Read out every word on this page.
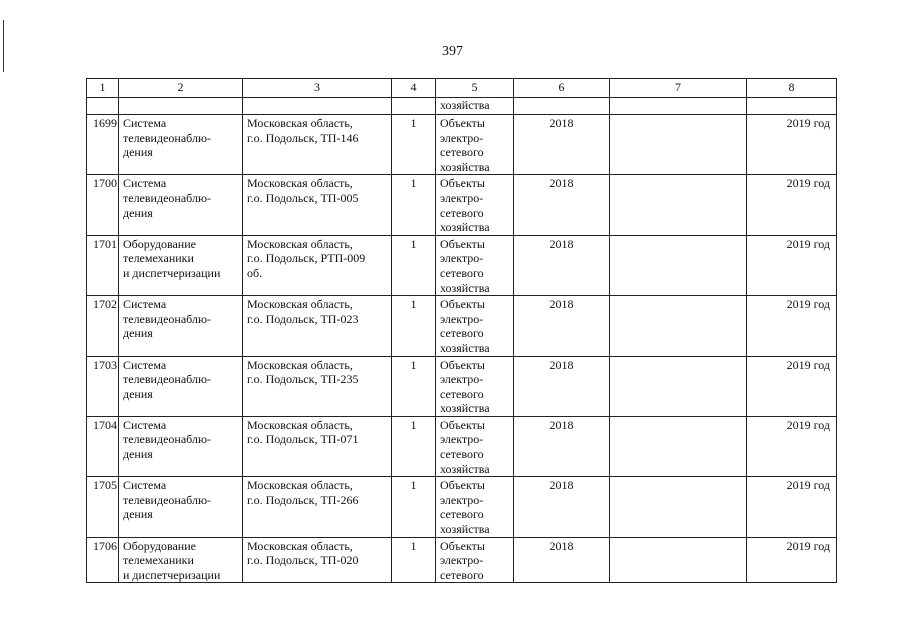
397
1	2	3	4	5	6	7	8
				хозяйства			
1699	Система
телевидеонаблю-
дения	Московская область,
г.о. Подольск, ТП-146	1	Объекты
электро-
сетевого
хозяйства	2018		2019 год
1700	Система
телевидеонаблю-
дения	Московская область,
г.о. Подольск, ТП-005	1	Объекты
электро-
сетевого
хозяйства	2018		2019 год
1701	Оборудование
телемеханики
и диспетчеризации	Московская область,
г.о. Подольск, РТП-009
об.	1	Объекты
электро-
сетевого
хозяйства	2018		2019 год
1702	Система
телевидеонаблю-
дения	Московская область,
г.о. Подольск, ТП-023	1	Объекты
электро-
сетевого
хозяйства	2018		2019 год
1703	Система
телевидеонаблю-
дения	Московская область,
г.о. Подольск, ТП-235	1	Объекты
электро-
сетевого
хозяйства	2018		2019 год
1704	Система
телевидеонаблю-
дения	Московская область,
г.о. Подольск, ТП-071	1	Объекты
электро-
сетевого
хозяйства	2018		2019 год
1705	Система
телевидеонаблю-
дения	Московская область,
г.о. Подольск, ТП-266	1	Объекты
электро-
сетевого
хозяйства	2018		2019 год
1706	Оборудование
телемеханики
и диспетчеризации	Московская область,
г.о. Подольск, ТП-020	1	Объекты
электро-
сетевого	2018		2019 год
